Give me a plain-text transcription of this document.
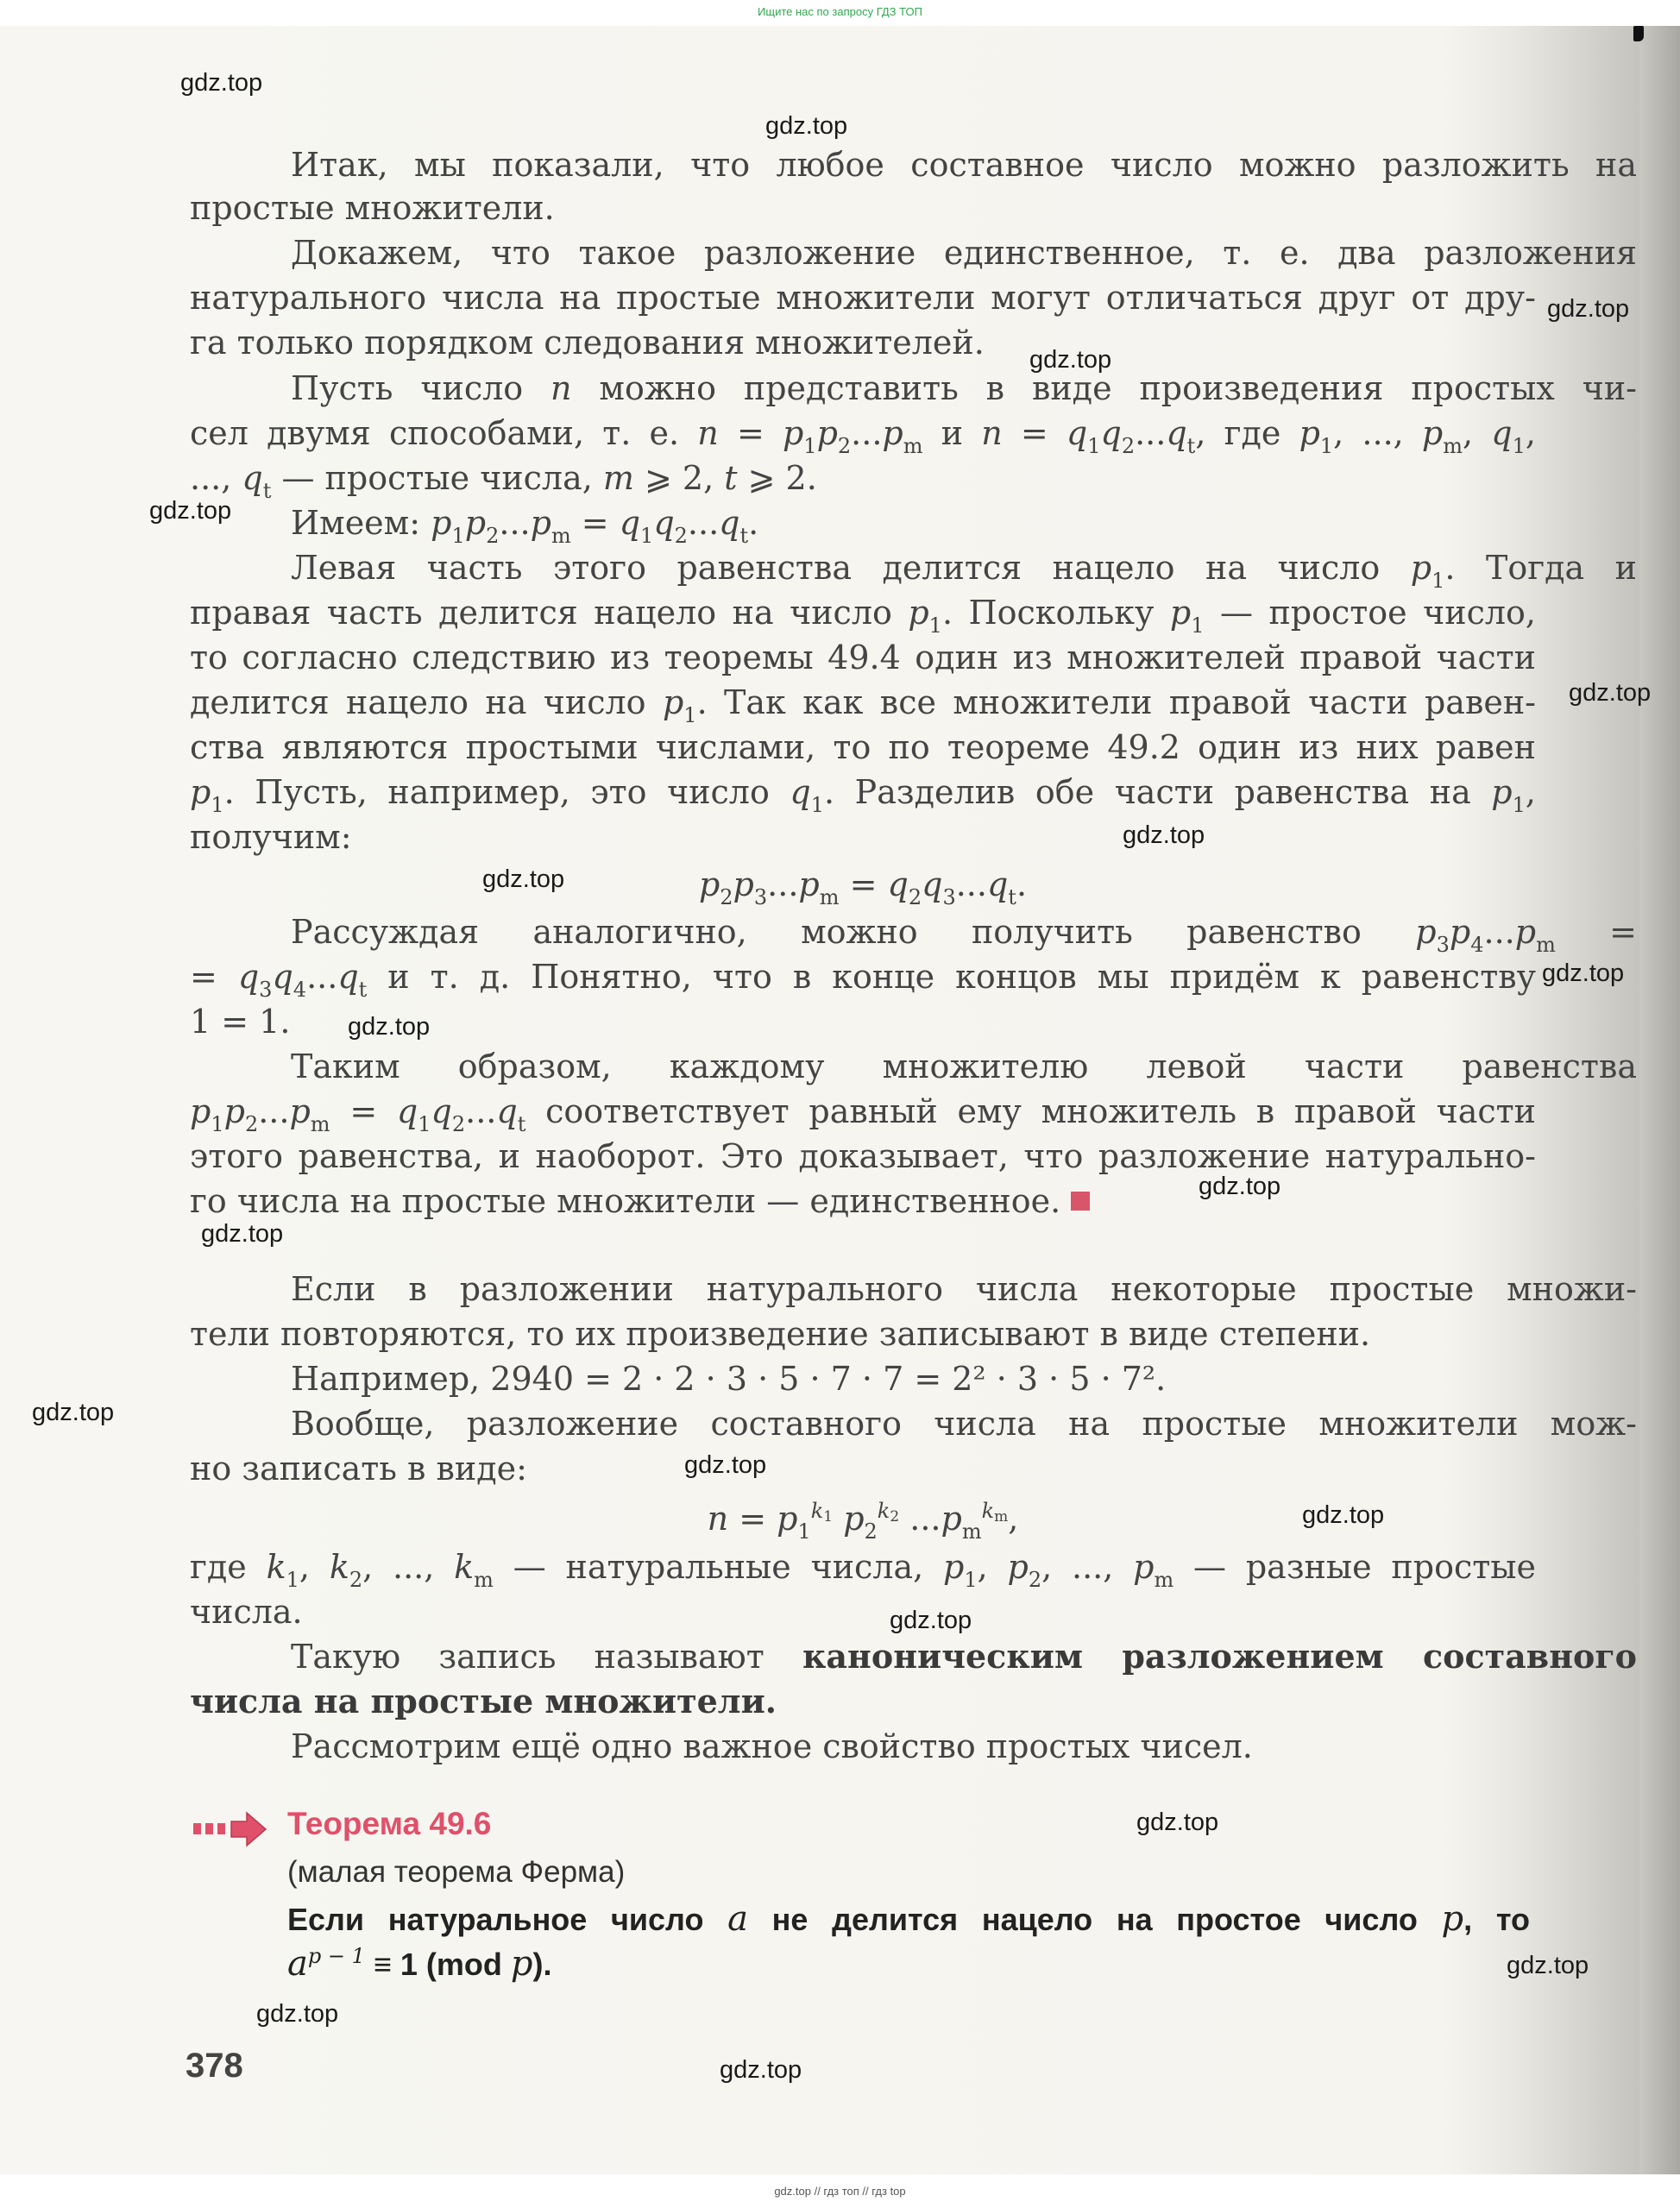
Ищите нас по запросу ГДЗ ТОП
Итак, мы показали, что любое составное число можно разложить на
простые множители.
Докажем, что такое разложение единственное, т. е. два разложения
натурального числа на простые множители могут отличаться друг от дру-
га только порядком следования множителей.
Пусть число n можно представить в виде произведения простых чи-
сел двумя способами, т. е. $n = p_1p_2...p_m$ и $n = q_1q_2...q_t$, где $p_1$, ..., $p_m$, $q_1$,
..., $q_t$ — простые числа, m ⩾ 2, t ⩾ 2.
Имеем: $p_1p_2...p_m = q_1q_2...q_t$.
Левая часть этого равенства делится нацело на число $p_1$. Тогда и
правая часть делится нацело на число $p_1$. Поскольку $p_1$ — простое число,
то согласно следствию из теоремы 49.4 один из множителей правой части
делится нацело на число $p_1$. Так как все множители правой части равен-
ства являются простыми числами, то по теореме 49.2 один из них равен
$p_1$. Пусть, например, это число $q_1$. Разделив обе части равенства на $p_1$,
получим:
$p_2p_3...p_m = q_2q_3...q_t$.
Рассуждая аналогично, можно получить равенство $p_3p_4...p_m$ =
= $q_3q_4...q_t$ и т. д. Понятно, что в конце концов мы придём к равенству
1 = 1.
Таким образом, каждому множителю левой части равенства
$p_1p_2...p_m = q_1q_2...q_t$ соответствует равный ему множитель в правой части
этого равенства, и наоборот. Это доказывает, что разложение натурально-
го числа на простые множители — единственное.
Если в разложении натурального числа некоторые простые множи-
тели повторяются, то их произведение записывают в виде степени.
Например, 2940 = 2 · 2 · 3 · 5 · 7 · 7 = 2² · 3 · 5 · 7².
Вообще, разложение составного числа на простые множители мож-
но записать в виде:
$n = p_1^{k_1}$ $p_2^{k_2}$ $...p_m^{k_m}$,
где $k_1$, $k_2$, ..., $k_m$ — натуральные числа, $p_1$, $p_2$, ..., $p_m$ — разные простые
числа.
Такую запись называют каноническим разложением составного
числа на простые множители.
Рассмотрим ещё одно важное свойство простых чисел.
Теорема 49.6
(малая теорема Ферма)
Если натуральное число a не делится нацело на простое число p, то
$a^{p - 1} \equiv 1$ (mod p).
378
gdz.top
gdz.top
gdz.top
gdz.top
gdz.top
gdz.top
gdz.top
gdz.top
gdz.top
gdz.top
gdz.top
gdz.top
gdz.top
gdz.top
gdz.top
gdz.top
gdz.top
gdz.top
gdz.top
gdz.top
gdz.top // гдз топ // гдз top
